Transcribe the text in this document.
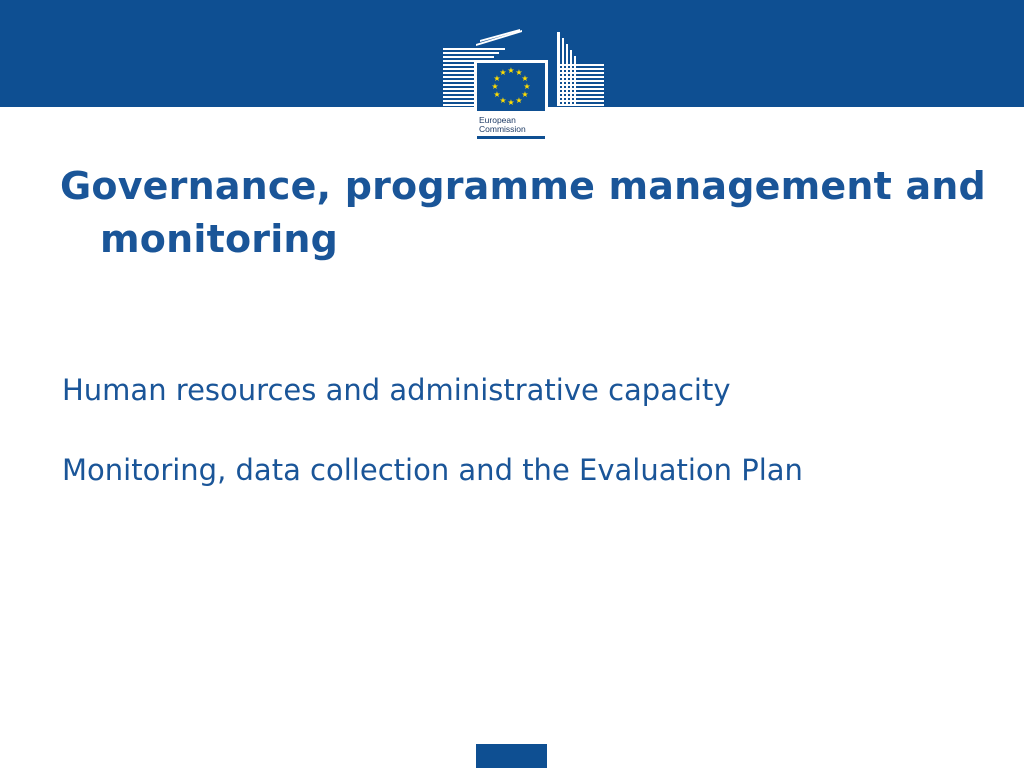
★ ★
★
★
★
★
★
★
★
★
★
★
European
Commission
Governance, programme management and monitoring
Human resources and administrative capacity
Monitoring, data collection and the Evaluation Plan
